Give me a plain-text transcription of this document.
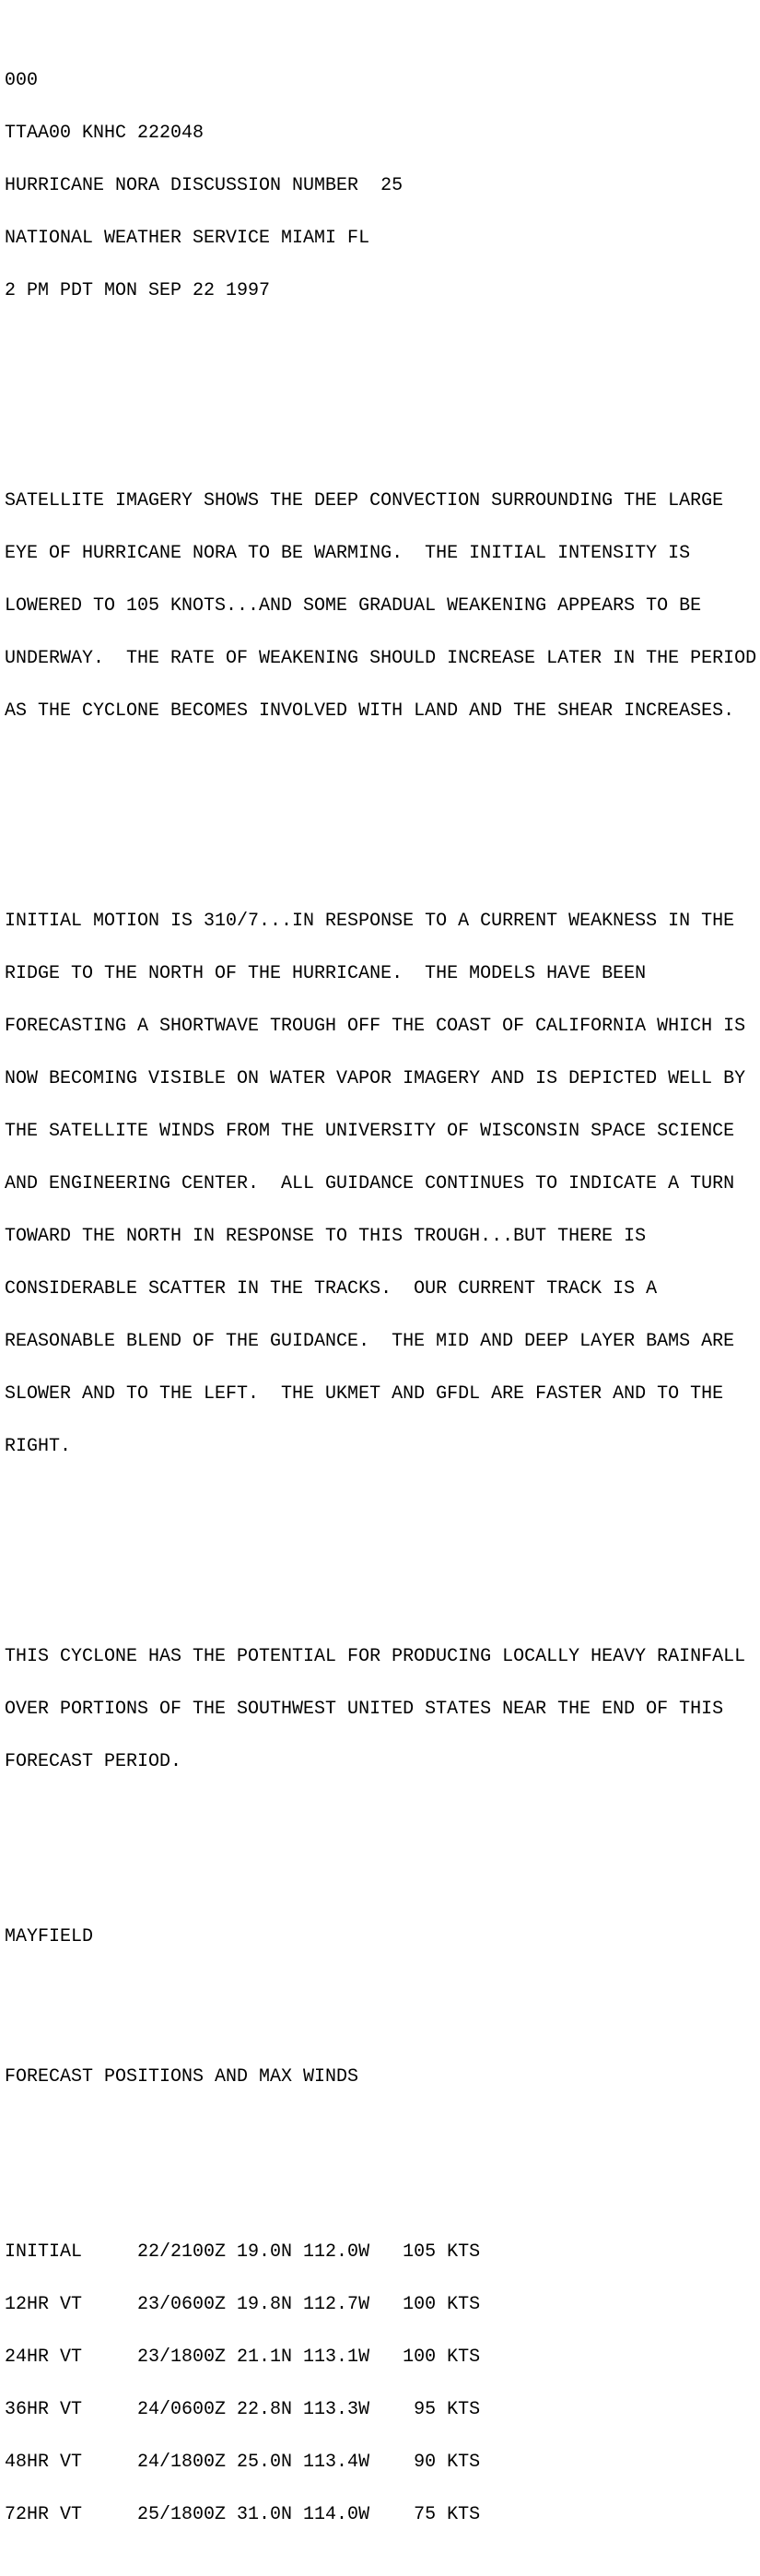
000

TTAA00 KNHC 222048

HURRICANE NORA DISCUSSION NUMBER  25

NATIONAL WEATHER SERVICE MIAMI FL

2 PM PDT MON SEP 22 1997

SATELLITE IMAGERY SHOWS THE DEEP CONVECTION SURROUNDING THE LARGE

EYE OF HURRICANE NORA TO BE WARMING.  THE INITIAL INTENSITY IS

LOWERED TO 105 KNOTS...AND SOME GRADUAL WEAKENING APPEARS TO BE

UNDERWAY.  THE RATE OF WEAKENING SHOULD INCREASE LATER IN THE PERIOD

AS THE CYCLONE BECOMES INVOLVED WITH LAND AND THE SHEAR INCREASES.

INITIAL MOTION IS 310/7...IN RESPONSE TO A CURRENT WEAKNESS IN THE

RIDGE TO THE NORTH OF THE HURRICANE.  THE MODELS HAVE BEEN

FORECASTING A SHORTWAVE TROUGH OFF THE COAST OF CALIFORNIA WHICH IS

NOW BECOMING VISIBLE ON WATER VAPOR IMAGERY AND IS DEPICTED WELL BY

THE SATELLITE WINDS FROM THE UNIVERSITY OF WISCONSIN SPACE SCIENCE

AND ENGINEERING CENTER.  ALL GUIDANCE CONTINUES TO INDICATE A TURN

TOWARD THE NORTH IN RESPONSE TO THIS TROUGH...BUT THERE IS

CONSIDERABLE SCATTER IN THE TRACKS.  OUR CURRENT TRACK IS A

REASONABLE BLEND OF THE GUIDANCE.  THE MID AND DEEP LAYER BAMS ARE

SLOWER AND TO THE LEFT.  THE UKMET AND GFDL ARE FASTER AND TO THE

RIGHT.

THIS CYCLONE HAS THE POTENTIAL FOR PRODUCING LOCALLY HEAVY RAINFALL

OVER PORTIONS OF THE SOUTHWEST UNITED STATES NEAR THE END OF THIS

FORECAST PERIOD.

MAYFIELD

FORECAST POSITIONS AND MAX WINDS

INITIAL     22/2100Z 19.0N 112.0W   105 KTS

12HR VT     23/0600Z 19.8N 112.7W   100 KTS

24HR VT     23/1800Z 21.1N 113.1W   100 KTS

36HR VT     24/0600Z 22.8N 113.3W    95 KTS

48HR VT     24/1800Z 25.0N 113.4W    90 KTS

72HR VT     25/1800Z 31.0N 114.0W    75 KTS
